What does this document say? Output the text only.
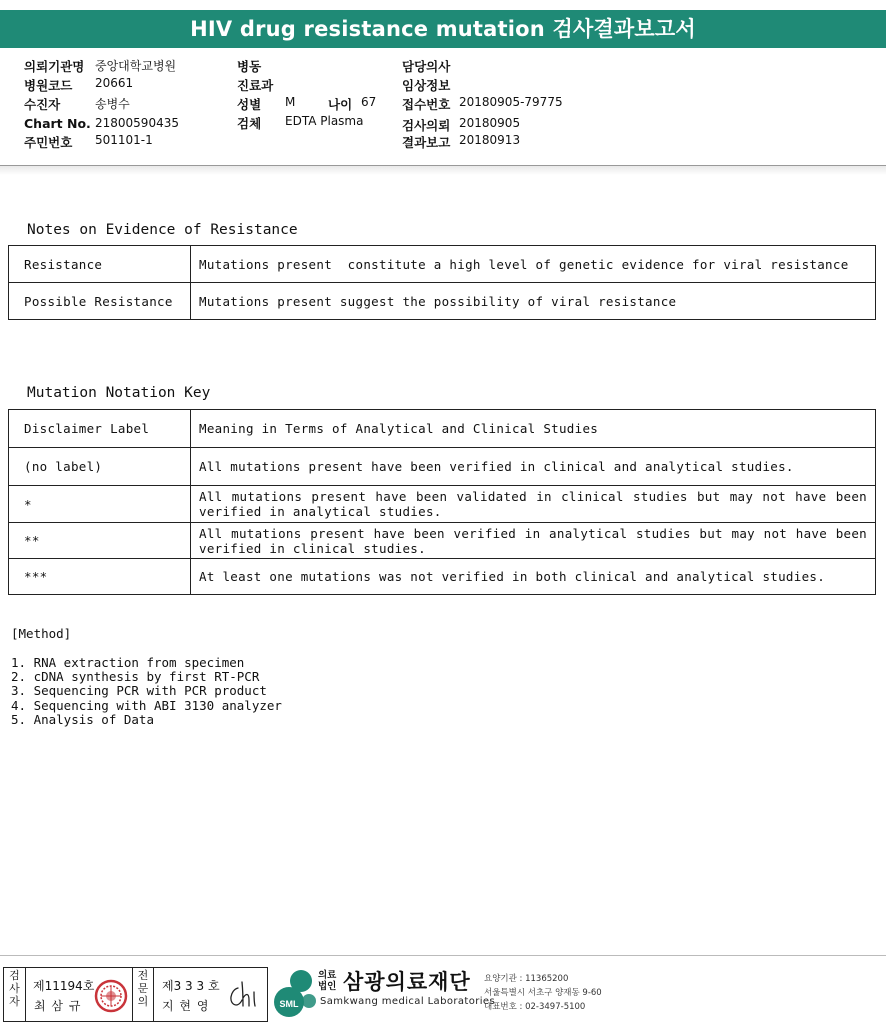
HIV drug resistance mutation 검사결과보고서
의뢰기관명 중앙대학교병원
병원코드 20661
수진자	송병수
Chart No. 21800590435
주민번호 501101-1
병동
진료과
성별 M	나이 67
검체 EDTA Plasma
담당의사
임상정보
접수번호 20180905-79775
검사의뢰 20180905
결과보고 20180913
Notes on Evidence of Resistance
Resistance	Mutations present  constitute a high level of genetic evidence for viral resistance
Possible Resistance	Mutations present suggest the possibility of viral resistance
Mutation Notation Key
Disclaimer Label	Meaning in Terms of Analytical and Clinical Studies
(no label)	All mutations present have been verified in clinical and analytical studies.
*	All mutations present have been validated in clinical studies but may not have been verified in analytical studies.
**	All mutations present have been verified in analytical studies but may not have been verified in clinical studies.
***	At least one mutations was not verified in both clinical and analytical studies.
[Method]
1. RNA extraction from specimen
2. cDNA synthesis by first RT-PCR
3. Sequencing PCR with PCR product
4. Sequencing with ABI 3130 analyzer
5. Analysis of Data
검사자
제11194호
최 삼 규
전문의
제3 3 3 호
지 현 영	SML
의료법인 삼광의료재단
Samkwang medical Laboratories
요양기관 : 11365200
서울특별시 서초구 양재동 9-60
대표번호 : 02-3497-5100
